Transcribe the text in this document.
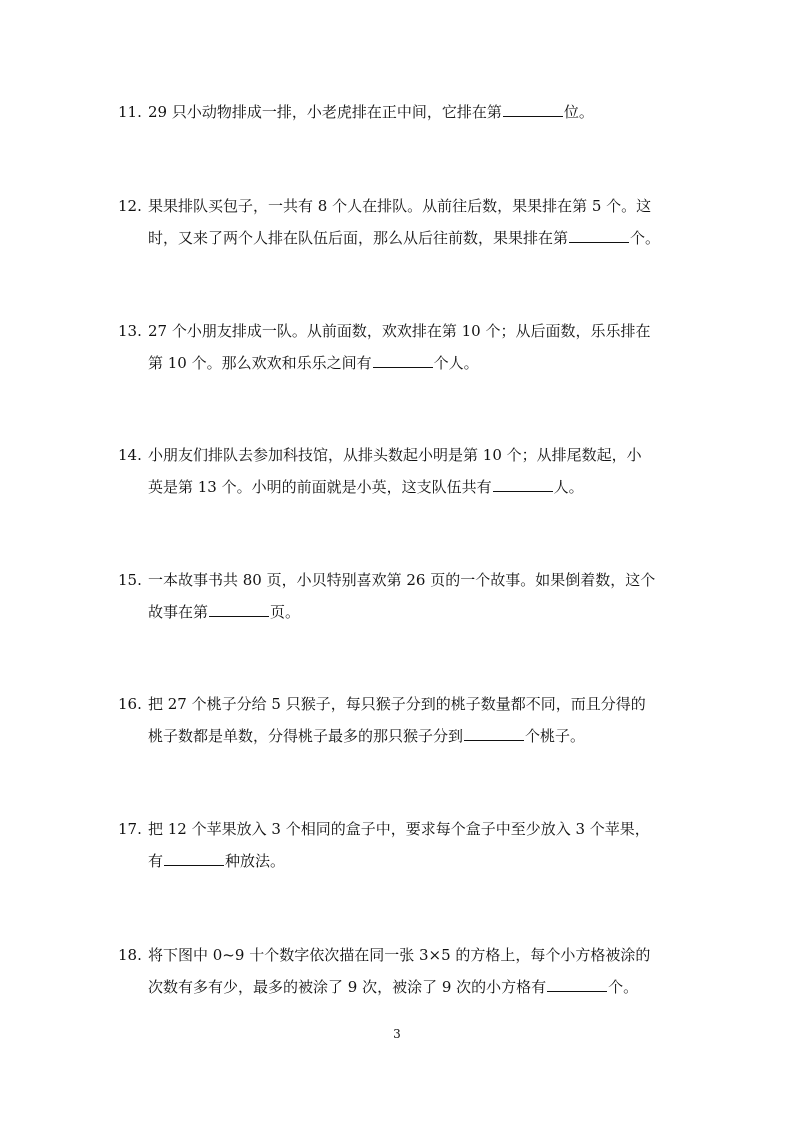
11. 29 只小动物排成一排，小老虎排在正中间，它排在第	位。
12. 果果排队买包子，一共有 8 个人在排队。从前往后数，果果排在第 5 个。这
时，又来了两个人排在队伍后面，那么从后往前数，果果排在第	个。
13. 27 个小朋友排成一队。从前面数，欢欢排在第 10 个；从后面数，乐乐排在
第 10 个。那么欢欢和乐乐之间有	个人。
14. 小朋友们排队去参加科技馆，从排头数起小明是第 10 个；从排尾数起，小
英是第 13 个。小明的前面就是小英，这支队伍共有	人。
15. 一本故事书共 80 页，小贝特别喜欢第 26 页的一个故事。如果倒着数，这个
故事在第	页。
16. 把 27 个桃子分给 5 只猴子，每只猴子分到的桃子数量都不同，而且分得的
桃子数都是单数，分得桃子最多的那只猴子分到	个桃子。
17. 把 12 个苹果放入 3 个相同的盒子中，要求每个盒子中至少放入 3 个苹果，
有	种放法。
18. 将下图中 0~9 十个数字依次描在同一张 3×5 的方格上，每个小方格被涂的
次数有多有少，最多的被涂了 9 次，被涂了 9 次的小方格有	个。
3
